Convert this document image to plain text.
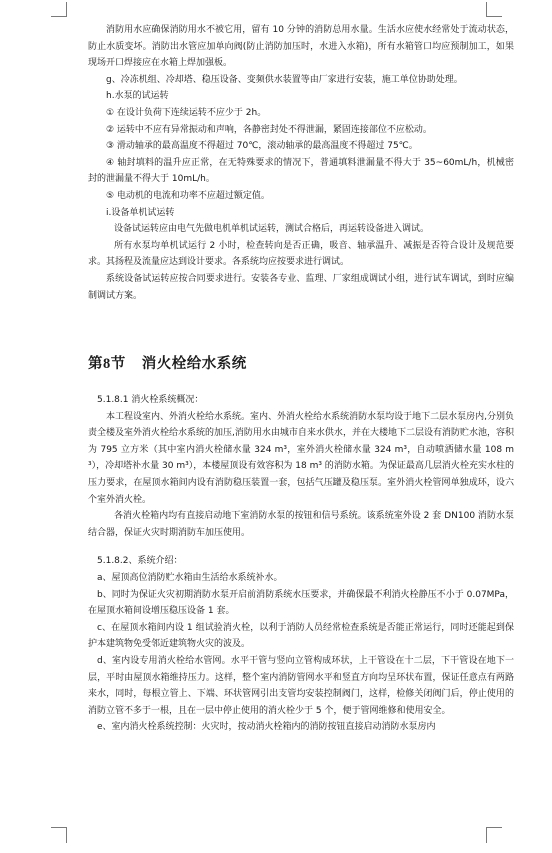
消防用水应确保消防用水不被它用，留有 10 分钟的消防总用水量。生活水应使水经常处于流动状态，防止水质变坏。消防出水管应加单向阀(防止消防加压时，水进入水箱)，所有水箱管口均应预制加工，如果现场开口焊接应在水箱上焊加强板。

g、冷冻机组、冷却塔、稳压设备、变频供水装置等由厂家进行安装，施工单位协助处理。

h.水泵的试运转

① 在设计负荷下连续运转不应少于 2h。

② 运转中不应有异常振动和声响，各静密封处不得泄漏，紧固连接部位不应松动。

③ 滑动轴承的最高温度不得超过 70℃，滚动轴承的最高温度不得超过 75℃。

④ 轴封填料的温升应正常，在无特殊要求的情况下，普通填料泄漏量不得大于 35~60mL/h，机械密封的泄漏量不得大于 10mL/h。

⑤ 电动机的电流和功率不应超过额定值。

i.设备单机试运转

设备试运转应由电气先做电机单机试运转，测试合格后，再运转设备进入调试。

所有水泵均单机试运行 2 小时，检查转向是否正确，吸音、轴承温升、减振是否符合设计及规范要求。其扬程及流量应达到设计要求。各系统均应按要求进行调试。

系统设备试运转应按合同要求进行。安装各专业、监理、厂家组成调试小组，进行试车调试，到时应编制调试方案。

第8节 消火栓给水系统

5.1.8.1 消火栓系统概况：

本工程设室内、外消火栓给水系统。室内、外消火栓给水系统消防水泵均设于地下二层水泵房内,分别负责全楼及室外消火栓给水系统的加压,消防用水由城市自来水供水，并在大楼地下二层设有消防贮水池，容积为 795 立方米（其中室内消火栓储水量 324 m³，室外消火栓储水量 324 m³，自动喷洒储水量 108 m³），冷却塔补水量 30 m³），本楼屋顶设有效容积为 18 m³ 的消防水箱。为保证最高几层消火栓充实水柱的压力要求，在屋顶水箱间内设有消防稳压装置一套，包括气压罐及稳压泵。室外消火栓管网单独成环，设六个室外消火栓。

各消火栓箱内均有直接启动地下室消防水泵的按钮和信号系统。该系统室外设 2 套 DN100 消防水泵结合器，保证火灾时期消防车加压使用。

5.1.8.2、系统介绍：

a、屋顶高位消防贮水箱由生活给水系统补水。

b、同时为保证火灾初期消防水泵开启前消防系统水压要求，并确保最不利消火栓静压不小于 0.07MPa，在屋顶水箱间设增压稳压设备 1 套。

c、在屋顶水箱间内设 1 组试验消火栓，以利于消防人员经常检查系统是否能正常运行，同时还能起到保护本建筑物免受邻近建筑物火灾的波及。

d、室内设专用消火栓给水管网。水平干管与竖向立管构成环状，上干管设在十二层，下干管设在地下一层，平时由屋顶水箱维持压力。这样，整个室内消防管网水平和竖直方向均呈环状布置，保证任意点有两路来水，同时，每根立管上、下端、环状管网引出支管均安装控制阀门，这样，检修关闭阀门后，停止使用的消防立管不多于一根，且在一层中停止使用的消火栓少于 5 个，便于管网维修和使用安全。

e、室内消火栓系统控制：火灾时，按动消火栓箱内的消防按钮直接启动消防水泵房内
